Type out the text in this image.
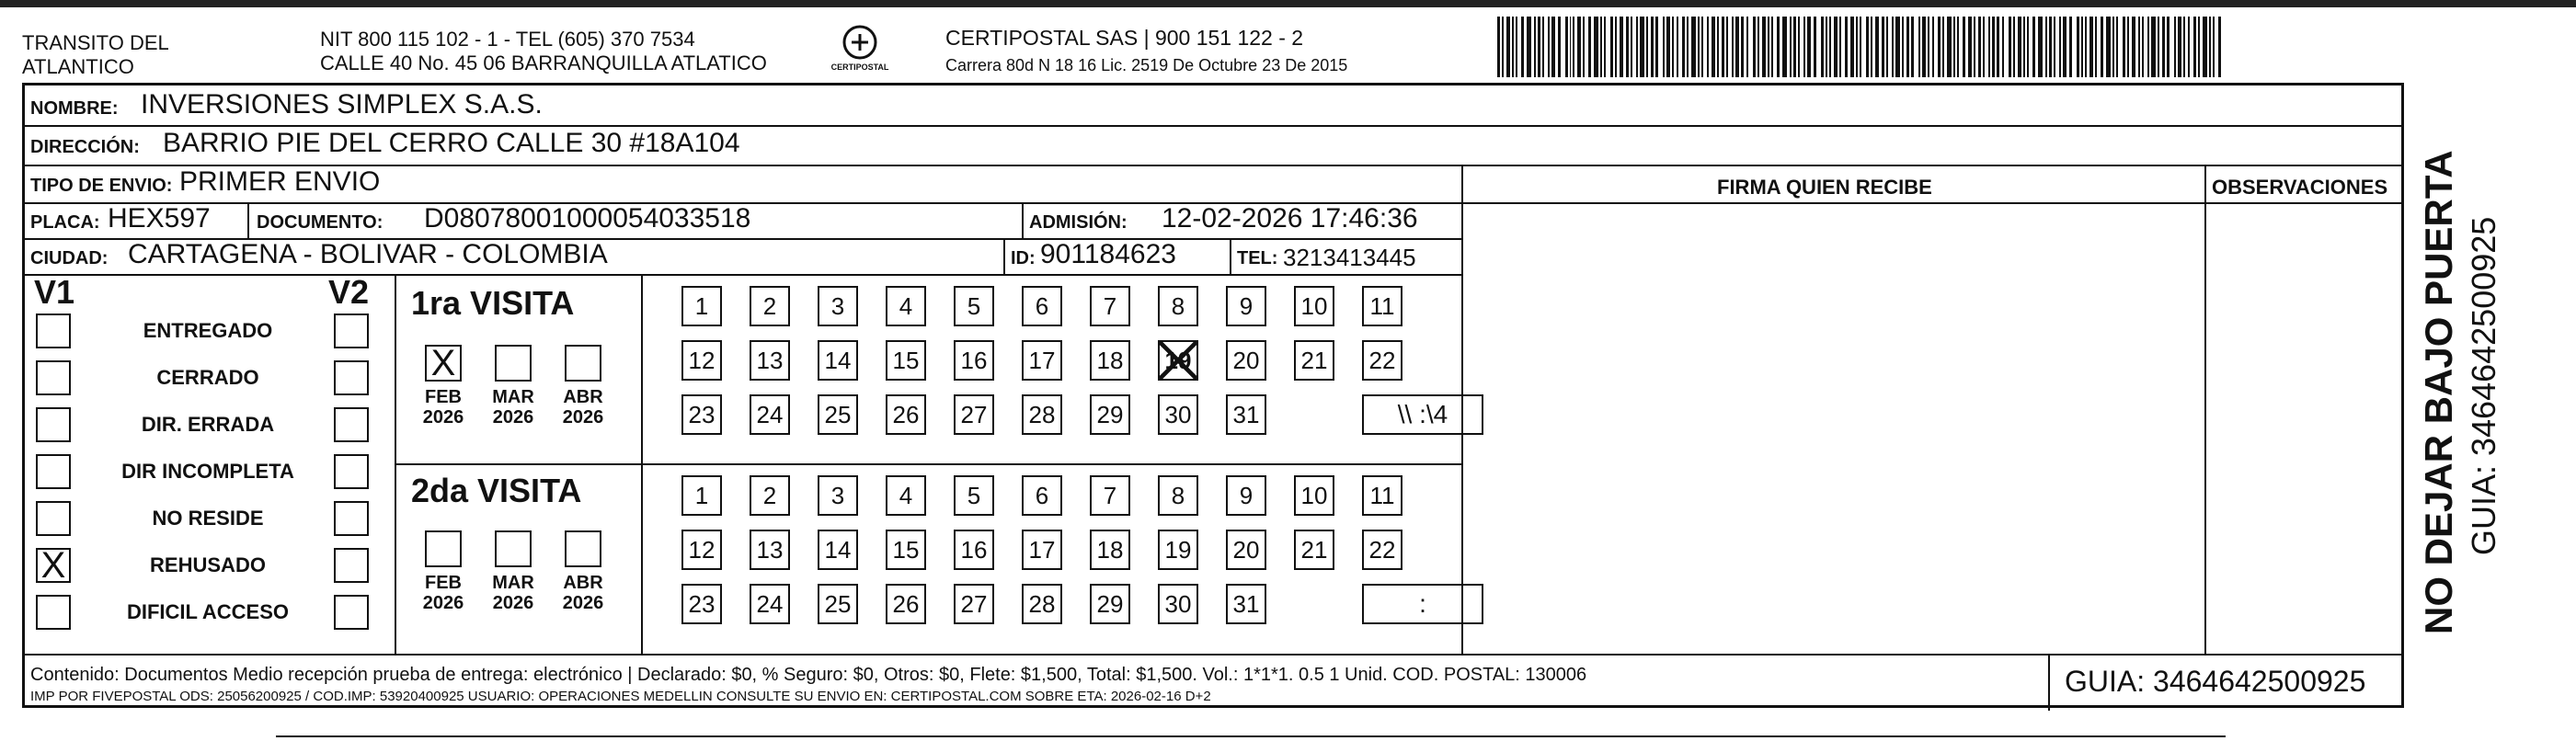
TRANSITO DEL
ATLANTICO
NIT 800 115 102 - 1 - TEL (605) 370 7534
CALLE 40 No. 45 06 BARRANQUILLA ATLATICO	CERTIPOSTAL
CERTIPOSTAL SAS | 900 151 122 - 2
Carrera 80d N 18 16 Lic. 2519 De Octubre 23 De 2015
NOMBRE: INVERSIONES SIMPLEX S.A.S.
DIRECCIÓN: BARRIO PIE DEL CERRO CALLE 30 #18A104
TIPO DE ENVIO: PRIMER ENVIO	FIRMA QUIEN RECIBE	OBSERVACIONES
PLACA: HEX597	DOCUMENTO: D08078001000054033518	ADMISIÓN: 12-02-2026 17:46:36
CIUDAD: CARTAGENA - BOLIVAR - COLOMBIA	ID: 901184623	TEL: 3213413445
V1	V2 1ra VISITA
2da VISITA
Contenido: Documentos Medio recepción prueba de entrega: electrónico | Declarado: $0, % Seguro: $0, Otros: $0, Flete: $1,500, Total: $1,500. Vol.: 1*1*1. 0.5 1 Unid. COD. POSTAL: 130006
IMP POR FIVEPOSTAL ODS: 25056200925 / COD.IMP: 53920400925 USUARIO: OPERACIONES MEDELLIN CONSULTE SU ENVIO EN: CERTIPOSTAL.COM SOBRE ETA: 2026-02-16 D+2	GUIA: 3464642500925
ENTREGADO
CERRADO
DIR. ERRADA
DIR INCOMPLETA
NO RESIDE
X	REHUSADO
DIFICIL ACCESO
X
FEB
2026
MAR
2026
ABR
2026
FEB
2026
MAR
2026
ABR
2026
1	2	3	4	5	6	7	8	9	10	11
12 13 14 15 16 17 18 19 20 21 22
23 24 25 26 27 28 29 30 31	\\ :\4
1	2	3	4	5	6	7	8	9	10	11
12 13 14 15 16 17 18 19 20 21 22
23 24 25 26 27 28 29 30 31	:	NO DEJAR BAJO PUERTA GUIA: 3464642500925
